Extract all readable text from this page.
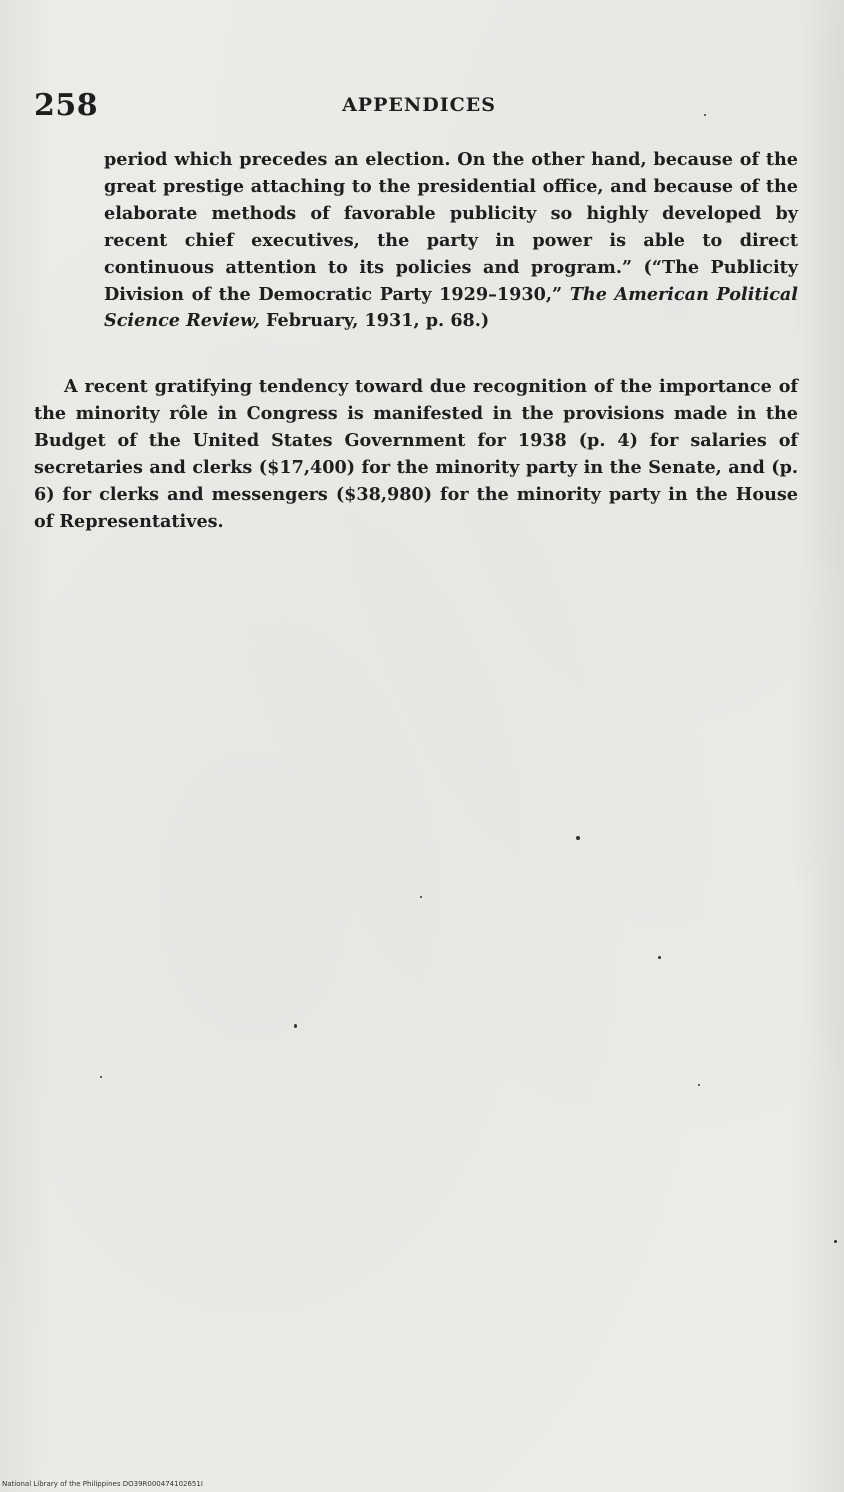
258	APPENDICES

period which precedes an election. On the other hand, because of the great prestige attaching to the presidential office, and because of the elaborate methods of favorable publicity so highly developed by recent chief executives, the party in power is able to direct continuous attention to its policies and program.” (“The Publicity Division of the Democratic Party 1929–1930,” The American Political Science Review, February, 1931, p. 68.)

A recent gratifying tendency toward due recognition of the importance of the minority rôle in Congress is manifested in the provisions made in the Budget of the United States Government for 1938 (p. 4) for salaries of secretaries and clerks ($17,400) for the minority party in the Senate, and (p. 6) for clerks and messengers ($38,980) for the minority party in the House of Representatives.

National Library of the Philippines DO39R000474102651I
